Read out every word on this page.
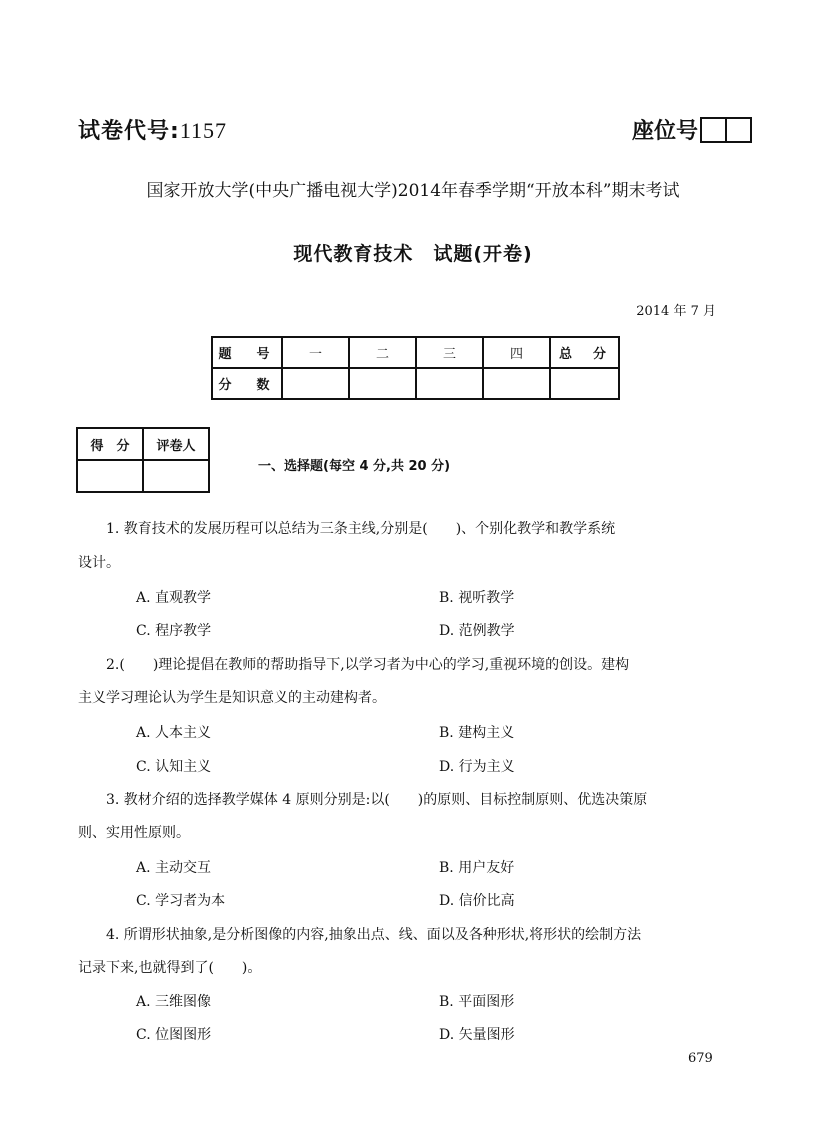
试卷代号:1157	座位号
国家开放大学(中央广播电视大学)2014年春季学期“开放本科”期末考试
现代教育技术　试题(开卷)
2014 年 7 月
题　号	一	二	三	四	总　分
分　数					
得　分	评卷人

一、选择题(每空 4 分,共 20 分)
1. 教育技术的发展历程可以总结为三条主线,分别是(　　)、个别化教学和教学系统
设计。
A. 直观教学	B. 视听教学
C. 程序教学	D. 范例教学
2.(　　)理论提倡在教师的帮助指导下,以学习者为中心的学习,重视环境的创设。建构
主义学习理论认为学生是知识意义的主动建构者。
A. 人本主义	B. 建构主义
C. 认知主义	D. 行为主义
3. 教材介绍的选择教学媒体 4 原则分别是:以(　　)的原则、目标控制原则、优选决策原
则、实用性原则。
A. 主动交互	B. 用户友好
C. 学习者为本	D. 信价比高
4. 所谓形状抽象,是分析图像的内容,抽象出点、线、面以及各种形状,将形状的绘制方法
记录下来,也就得到了(　　)。
A. 三维图像	B. 平面图形
C. 位图图形	D. 矢量图形
679
